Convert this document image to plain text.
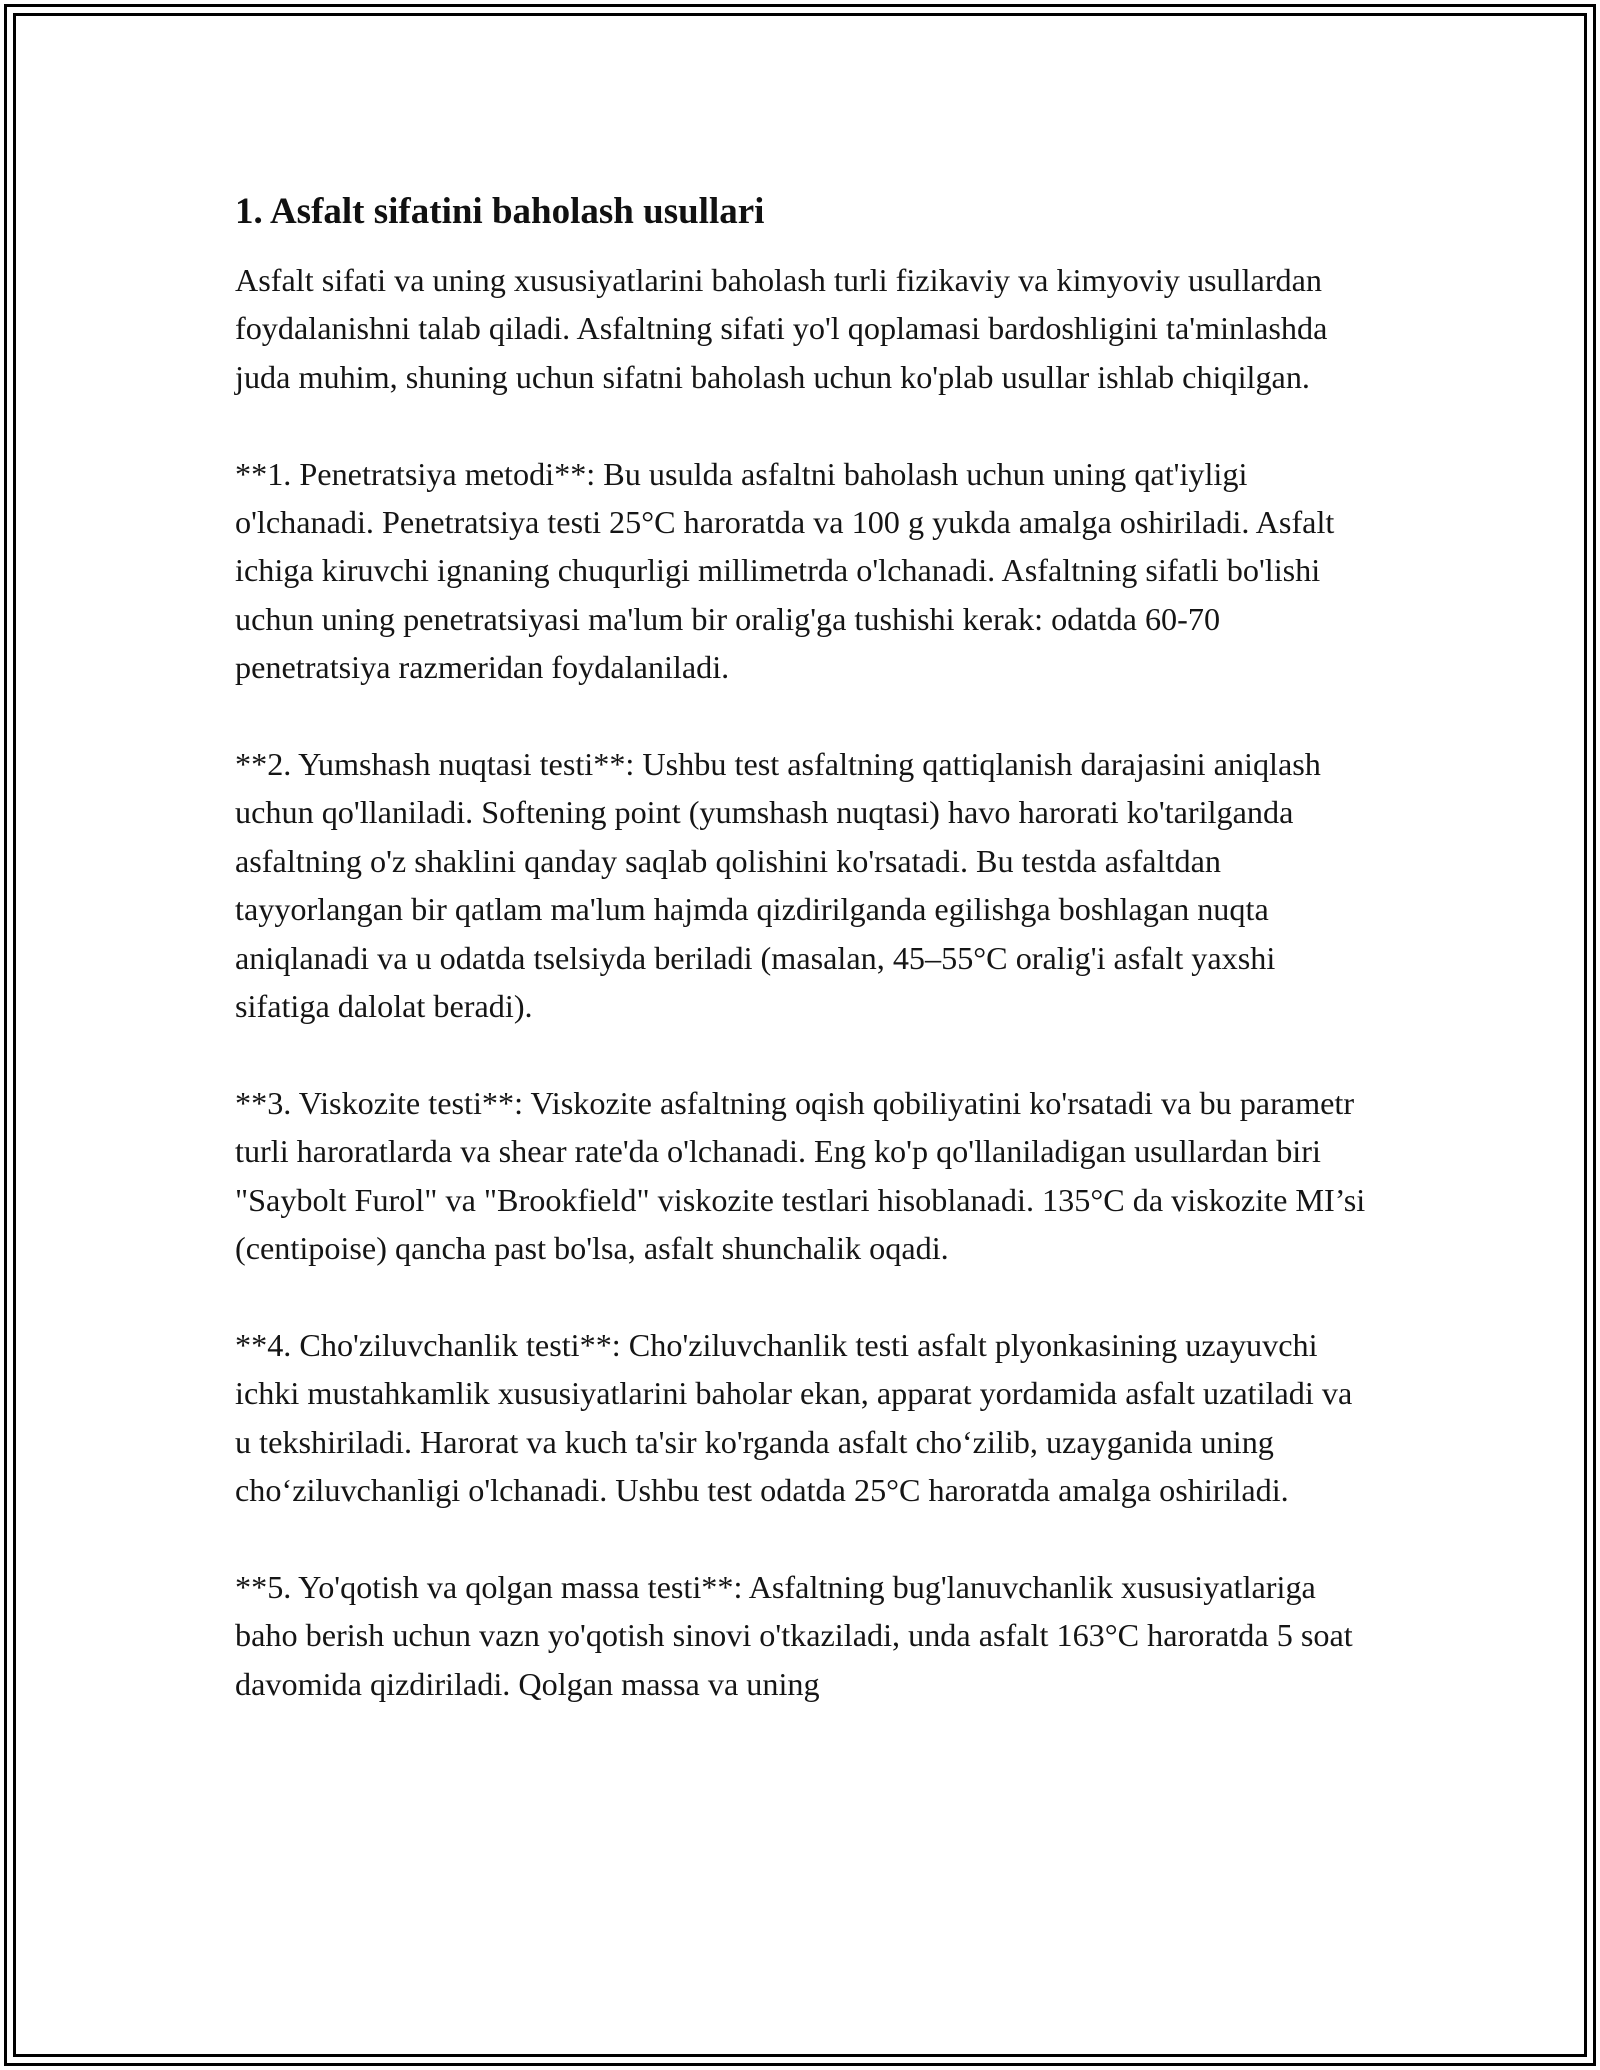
1. Asfalt sifatini baholash usullari

Asfalt sifati va uning xususiyatlarini baholash turli fizikaviy va kimyoviy usullardan foydalanishni talab qiladi. Asfaltning sifati yo'l qoplamasi bardoshligini ta'minlashda juda muhim, shuning uchun sifatni baholash uchun ko'plab usullar ishlab chiqilgan.

**1. Penetratsiya metodi**: Bu usulda asfaltni baholash uchun uning qat'iyligi o'lchanadi. Penetratsiya testi 25°C haroratda va 100 g yukda amalga oshiriladi. Asfalt ichiga kiruvchi ignaning chuqurligi millimetrda o'lchanadi. Asfaltning sifatli bo'lishi uchun uning penetratsiyasi ma'lum bir oralig'ga tushishi kerak: odatda 60-70 penetratsiya razmeridan foydalaniladi.

**2. Yumshash nuqtasi testi**: Ushbu test asfaltning qattiqlanish darajasini aniqlash uchun qo'llaniladi. Softening point (yumshash nuqtasi) havo harorati ko'tarilganda asfaltning o'z shaklini qanday saqlab qolishini ko'rsatadi. Bu testda asfaltdan tayyorlangan bir qatlam ma'lum hajmda qizdirilganda egilishga boshlagan nuqta aniqlanadi va u odatda tselsiyda beriladi (masalan, 45–55°C oralig'i asfalt yaxshi sifatiga dalolat beradi).

**3. Viskozite testi**: Viskozite asfaltning oqish qobiliyatini ko'rsatadi va bu parametr turli haroratlarda va shear rate'da o'lchanadi. Eng ko'p qo'llaniladigan usullardan biri "Saybolt Furol" va "Brookfield" viskozite testlari hisoblanadi. 135°C da viskozite MI’si (centipoise) qancha past bo'lsa, asfalt shunchalik oqadi.

**4. Cho'ziluvchanlik testi**: Cho'ziluvchanlik testi asfalt plyonkasining uzayuvchi ichki mustahkamlik xususiyatlarini baholar ekan, apparat yordamida asfalt uzatiladi va u tekshiriladi. Harorat va kuch ta'sir ko'rganda asfalt cho‘zilib, uzayganida uning cho‘ziluvchanligi o'lchanadi. Ushbu test odatda 25°C haroratda amalga oshiriladi.

**5. Yo'qotish va qolgan massa testi**: Asfaltning bug'lanuvchanlik xususiyatlariga baho berish uchun vazn yo'qotish sinovi o'tkaziladi, unda asfalt 163°C haroratda 5 soat davomida qizdiriladi. Qolgan massa va uning
